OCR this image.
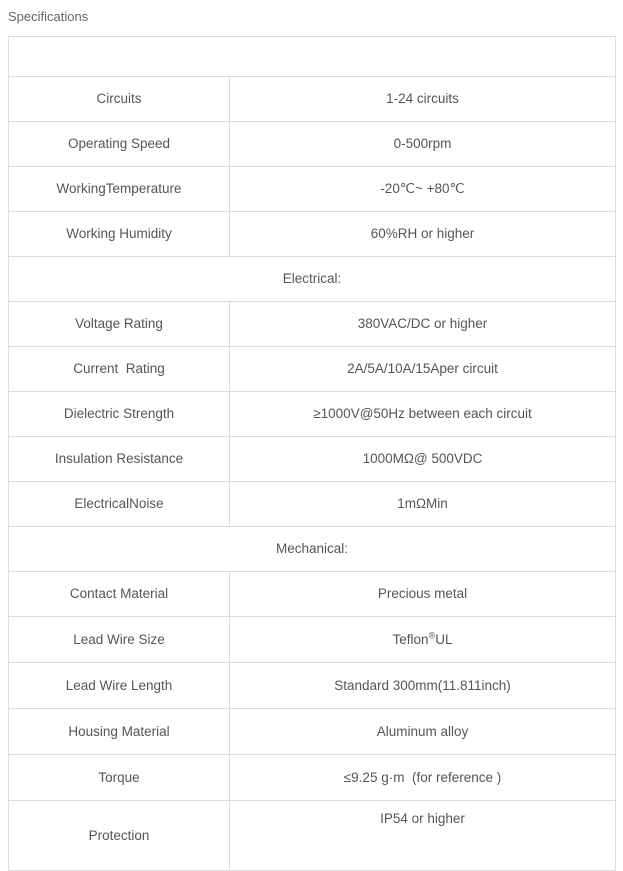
Specifications

Circuits	1-24 circuits
Operating Speed	0-500rpm
WorkingTemperature	-20℃~ +80℃
Working Humidity	60%RH or higher
Electrical:	
Voltage Rating	380VAC/DC or higher
Current  Rating	2A/5A/10A/15Aper circuit
Dielectric Strength	≥1000V@50Hz between each circuit
Insulation Resistance	1000MΩ@ 500VDC
ElectricalNoise	1mΩMin
Mechanical:	
Contact Material	Precious metal
Lead Wire Size	Teflon®UL
Lead Wire Length	Standard 300mm(11.811inch)
Housing Material	Aluminum alloy
Torque	≤9.25 g·m  (for reference )
Protection	IP54 or higher
